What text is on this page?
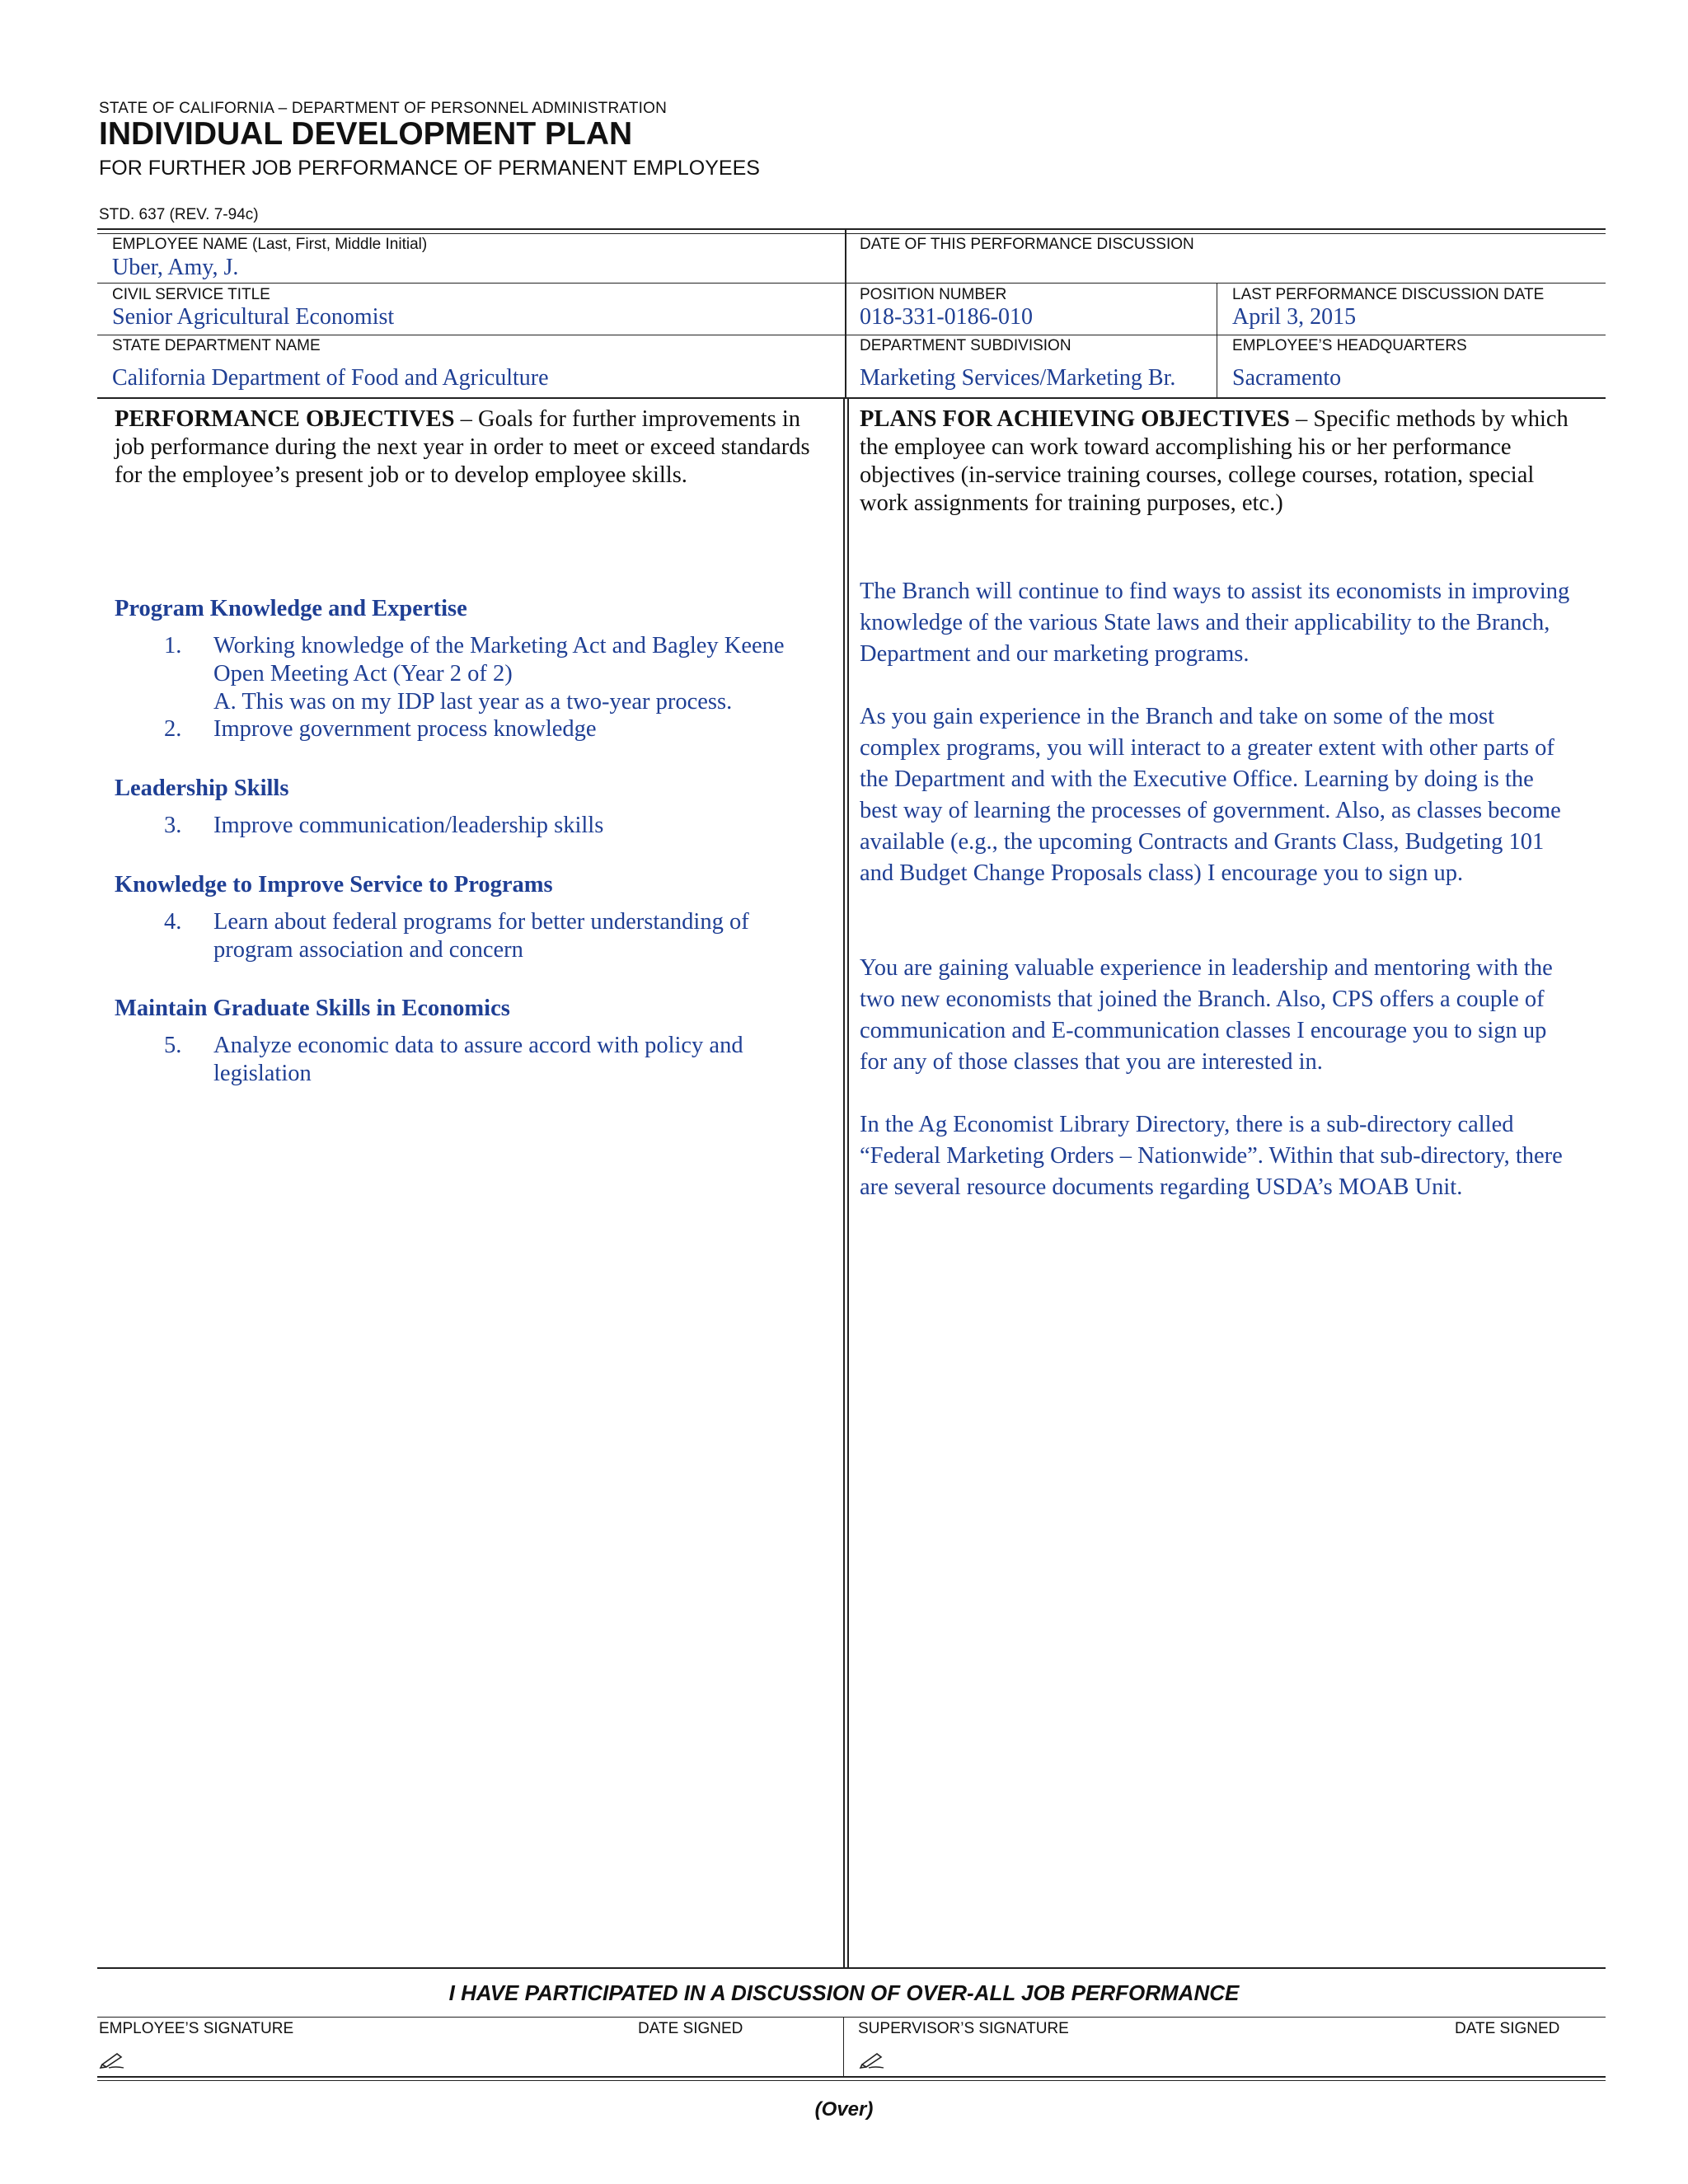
STATE OF CALIFORNIA – DEPARTMENT OF PERSONNEL ADMINISTRATION
INDIVIDUAL DEVELOPMENT PLAN
FOR FURTHER JOB PERFORMANCE OF PERMANENT EMPLOYEES
STD. 637 (REV. 7-94c)
EMPLOYEE NAME (Last, First, Middle Initial)
Uber, Amy, J.
DATE OF THIS PERFORMANCE DISCUSSION
CIVIL SERVICE TITLE
Senior Agricultural Economist
POSITION NUMBER
018-331-0186-010
LAST PERFORMANCE DISCUSSION DATE
April 3, 2015
STATE DEPARTMENT NAME
California Department of Food and Agriculture
DEPARTMENT SUBDIVISION
Marketing Services/Marketing Br.
EMPLOYEE’S HEADQUARTERS
Sacramento
PERFORMANCE OBJECTIVES – Goals for further improvements in job performance during the next year in order to meet or exceed standards for the employee’s present job or to develop employee skills.
Program Knowledge and Expertise
1. Working knowledge of the Marketing Act and Bagley Keene Open Meeting Act (Year 2 of 2)
A. This was on my IDP last year as a two-year process.
2. Improve government process knowledge
Leadership Skills
3. Improve communication/leadership skills
Knowledge to Improve Service to Programs
4. Learn about federal programs for better understanding of program association and concern
Maintain Graduate Skills in Economics
5. Analyze economic data to assure accord with policy and legislation
PLANS FOR ACHIEVING OBJECTIVES – Specific methods by which the employee can work toward accomplishing his or her performance objectives (in-service training courses, college courses, rotation, special work assignments for training purposes, etc.)
The Branch will continue to find ways to assist its economists in improving knowledge of the various State laws and their applicability to the Branch, Department and our marketing programs.
As you gain experience in the Branch and take on some of the most complex programs, you will interact to a greater extent with other parts of the Department and with the Executive Office. Learning by doing is the best way of learning the processes of government. Also, as classes become available (e.g., the upcoming Contracts and Grants Class, Budgeting 101 and Budget Change Proposals class) I encourage you to sign up.
You are gaining valuable experience in leadership and mentoring with the two new economists that joined the Branch. Also, CPS offers a couple of communication and E-communication classes I encourage you to sign up for any of those classes that you are interested in.
In the Ag Economist Library Directory, there is a sub-directory called “Federal Marketing Orders – Nationwide”. Within that sub-directory, there are several resource documents regarding USDA’s MOAB Unit.
I HAVE PARTICIPATED IN A DISCUSSION OF OVER-ALL JOB PERFORMANCE
EMPLOYEE’S SIGNATURE	DATE SIGNED	SUPERVISOR’S SIGNATURE	DATE SIGNED
(Over)
